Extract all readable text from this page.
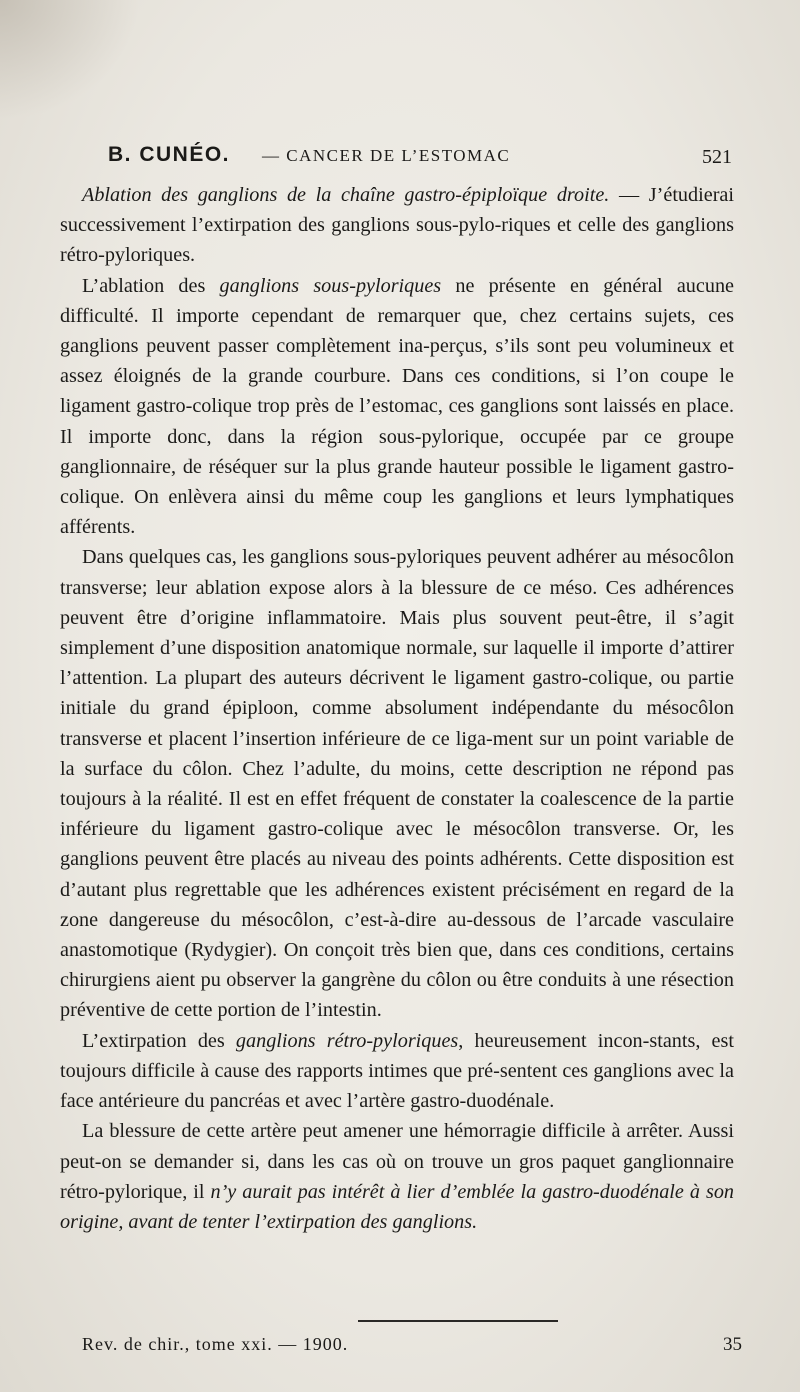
B. CUNÉO. — CANCER DE L’ESTOMAC	521

Ablation des ganglions de la chaîne gastro-épiploïque droite. — J’étudierai successivement l’extirpation des ganglions sous-pylo-riques et celle des ganglions rétro-pyloriques.

L’ablation des ganglions sous-pyloriques ne présente en général aucune difficulté. Il importe cependant de remarquer que, chez certains sujets, ces ganglions peuvent passer complètement ina-perçus, s’ils sont peu volumineux et assez éloignés de la grande courbure. Dans ces conditions, si l’on coupe le ligament gastro-colique trop près de l’estomac, ces ganglions sont laissés en place. Il importe donc, dans la région sous-pylorique, occupée par ce groupe ganglionnaire, de réséquer sur la plus grande hauteur possible le ligament gastro-colique. On enlèvera ainsi du même coup les ganglions et leurs lymphatiques afférents.

Dans quelques cas, les ganglions sous-pyloriques peuvent adhérer au mésocôlon transverse; leur ablation expose alors à la blessure de ce méso. Ces adhérences peuvent être d’origine inflammatoire. Mais plus souvent peut-être, il s’agit simplement d’une disposition anatomique normale, sur laquelle il importe d’attirer l’attention. La plupart des auteurs décrivent le ligament gastro-colique, ou partie initiale du grand épiploon, comme absolument indépendante du mésocôlon transverse et placent l’insertion inférieure de ce liga-ment sur un point variable de la surface du côlon. Chez l’adulte, du moins, cette description ne répond pas toujours à la réalité. Il est en effet fréquent de constater la coalescence de la partie inférieure du ligament gastro-colique avec le mésocôlon transverse. Or, les ganglions peuvent être placés au niveau des points adhérents. Cette disposition est d’autant plus regrettable que les adhérences existent précisément en regard de la zone dangereuse du mésocôlon, c’est-à-dire au-dessous de l’arcade vasculaire anastomotique (Rydygier). On conçoit très bien que, dans ces conditions, certains chirurgiens aient pu observer la gangrène du côlon ou être conduits à une résection préventive de cette portion de l’intestin.

L’extirpation des ganglions rétro-pyloriques, heureusement incon-stants, est toujours difficile à cause des rapports intimes que pré-sentent ces ganglions avec la face antérieure du pancréas et avec l’artère gastro-duodénale.

La blessure de cette artère peut amener une hémorragie difficile à arrêter. Aussi peut-on se demander si, dans les cas où on trouve un gros paquet ganglionnaire rétro-pylorique, il n’y aurait pas intérêt à lier d’emblée la gastro-duodénale à son origine, avant de tenter l’extirpation des ganglions.

Rev. de chir., tome xxi. — 1900.	35
